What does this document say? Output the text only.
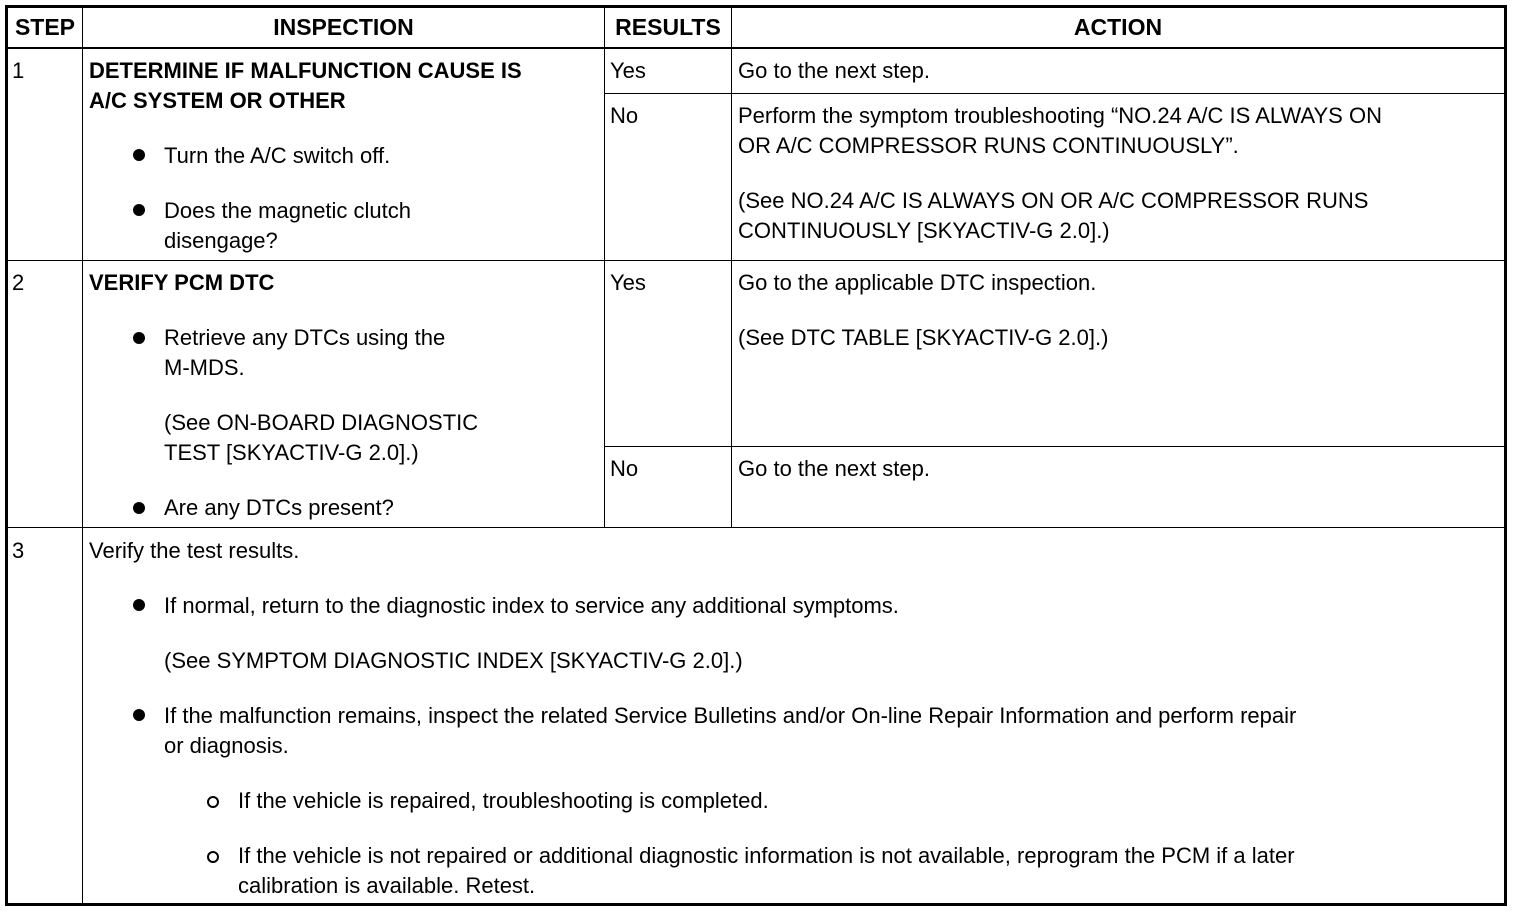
STEP	INSPECTION	RESULTS	ACTION
1	DETERMINE IF MALFUNCTION CAUSE IS
A/C SYSTEM OR OTHER
Turn the A/C switch off.
Does the magnetic clutch
disengage?
Yes	Go to the next step.
No	Perform the symptom troubleshooting “NO.24 A/C IS ALWAYS ON
OR A/C COMPRESSOR RUNS CONTINUOUSLY”.
(See NO.24 A/C IS ALWAYS ON OR A/C COMPRESSOR RUNS
CONTINUOUSLY [SKYACTIV-G 2.0].)
2	VERIFY PCM DTC
Retrieve any DTCs using the
M-MDS.
(See ON-BOARD DIAGNOSTIC
TEST [SKYACTIV-G 2.0].)
Are any DTCs present?
Yes	Go to the applicable DTC inspection.
(See DTC TABLE [SKYACTIV-G 2.0].)
No	Go to the next step.
3	Verify the test results.
If normal, return to the diagnostic index to service any additional symptoms.
(See SYMPTOM DIAGNOSTIC INDEX [SKYACTIV-G 2.0].)
If the malfunction remains, inspect the related Service Bulletins and/or On-line Repair Information and perform repair
or diagnosis.
If the vehicle is repaired, troubleshooting is completed.
If the vehicle is not repaired or additional diagnostic information is not available, reprogram the PCM if a later
calibration is available. Retest.
